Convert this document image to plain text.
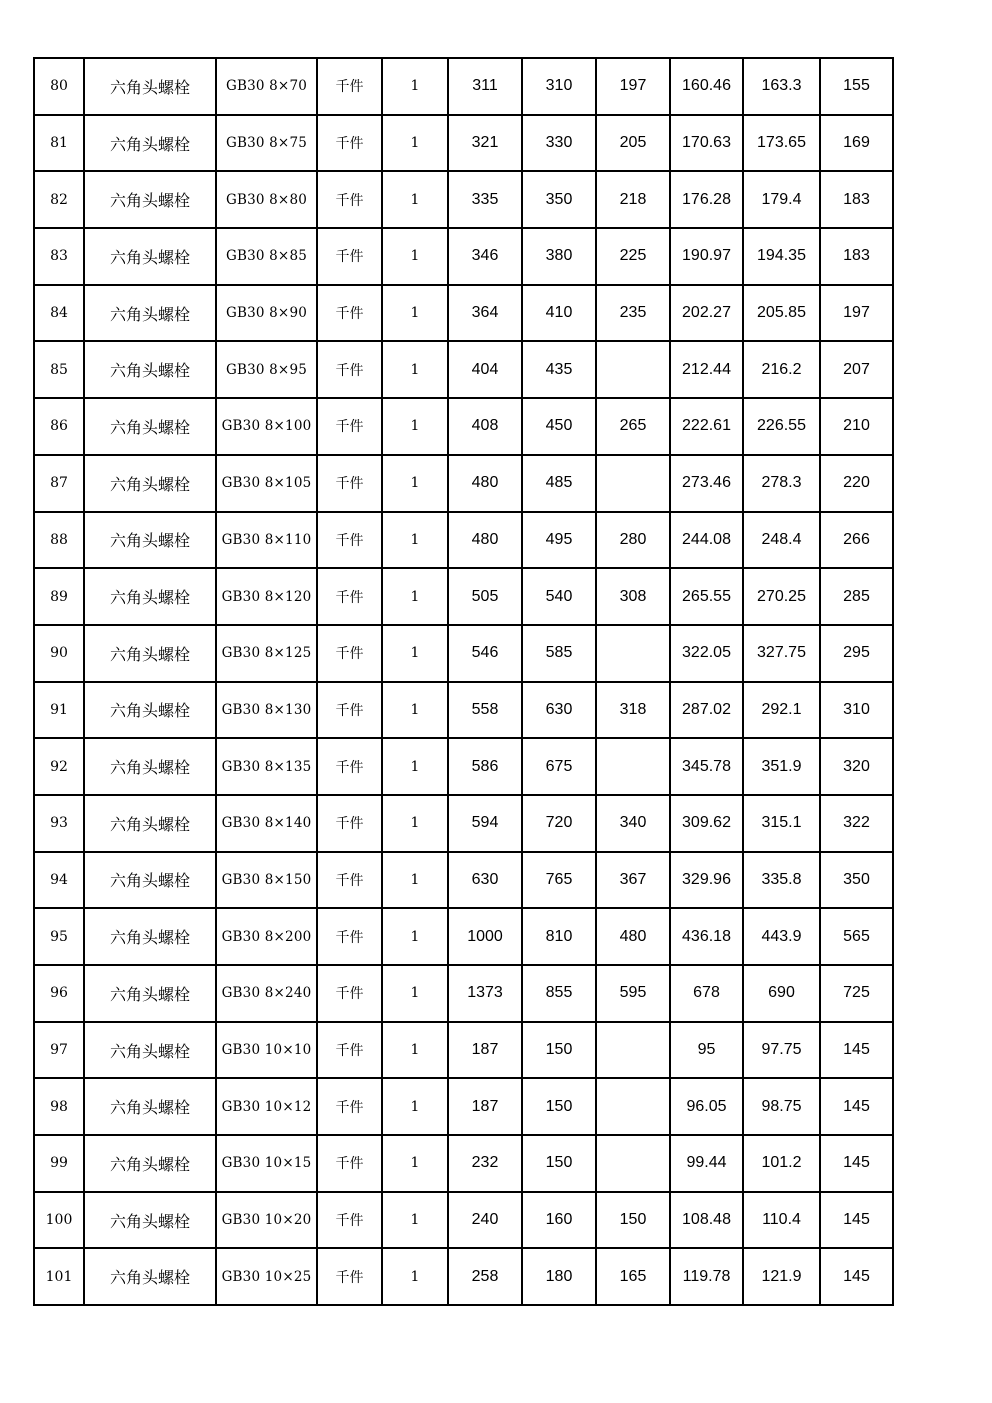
80	六角头螺栓	GB30 8×70	千件	1	311	310	197	160.46	163.3	155
81	六角头螺栓	GB30 8×75	千件	1	321	330	205	170.63	173.65	169
82	六角头螺栓	GB30 8×80	千件	1	335	350	218	176.28	179.4	183
83	六角头螺栓	GB30 8×85	千件	1	346	380	225	190.97	194.35	183
84	六角头螺栓	GB30 8×90	千件	1	364	410	235	202.27	205.85	197
85	六角头螺栓	GB30 8×95	千件	1	404	435		212.44	216.2	207
86	六角头螺栓	GB30 8×100	千件	1	408	450	265	222.61	226.55	210
87	六角头螺栓	GB30 8×105	千件	1	480	485		273.46	278.3	220
88	六角头螺栓	GB30 8×110	千件	1	480	495	280	244.08	248.4	266
89	六角头螺栓	GB30 8×120	千件	1	505	540	308	265.55	270.25	285
90	六角头螺栓	GB30 8×125	千件	1	546	585		322.05	327.75	295
91	六角头螺栓	GB30 8×130	千件	1	558	630	318	287.02	292.1	310
92	六角头螺栓	GB30 8×135	千件	1	586	675		345.78	351.9	320
93	六角头螺栓	GB30 8×140	千件	1	594	720	340	309.62	315.1	322
94	六角头螺栓	GB30 8×150	千件	1	630	765	367	329.96	335.8	350
95	六角头螺栓	GB30 8×200	千件	1	1000	810	480	436.18	443.9	565
96	六角头螺栓	GB30 8×240	千件	1	1373	855	595	678	690	725
97	六角头螺栓	GB30 10×10	千件	1	187	150		95	97.75	145
98	六角头螺栓	GB30 10×12	千件	1	187	150		96.05	98.75	145
99	六角头螺栓	GB30 10×15	千件	1	232	150		99.44	101.2	145
100	六角头螺栓	GB30 10×20	千件	1	240	160	150	108.48	110.4	145
101	六角头螺栓	GB30 10×25	千件	1	258	180	165	119.78	121.9	145
